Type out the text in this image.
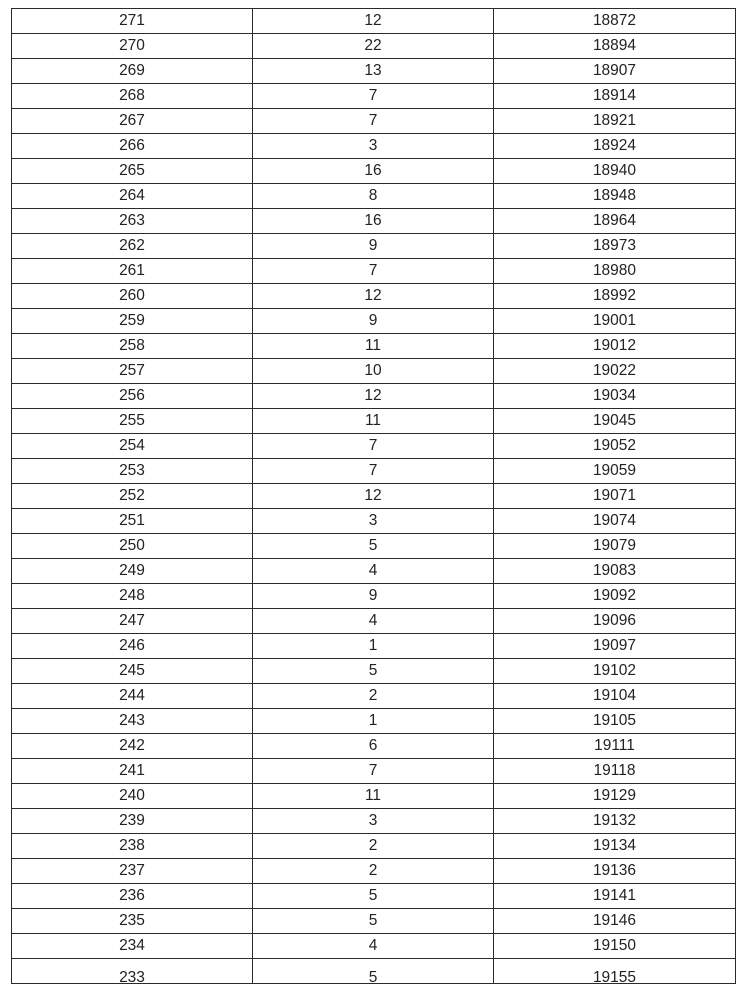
271	12	18872
270	22	18894
269	13	18907
268	7	18914
267	7	18921
266	3	18924
265	16	18940
264	8	18948
263	16	18964
262	9	18973
261	7	18980
260	12	18992
259	9	19001
258	11	19012
257	10	19022
256	12	19034
255	11	19045
254	7	19052
253	7	19059
252	12	19071
251	3	19074
250	5	19079
249	4	19083
248	9	19092
247	4	19096
246	1	19097
245	5	19102
244	2	19104
243	1	19105
242	6	19111
241	7	19118
240	11	19129
239	3	19132
238	2	19134
237	2	19136
236	5	19141
235	5	19146
234	4	19150

233	5	19155
